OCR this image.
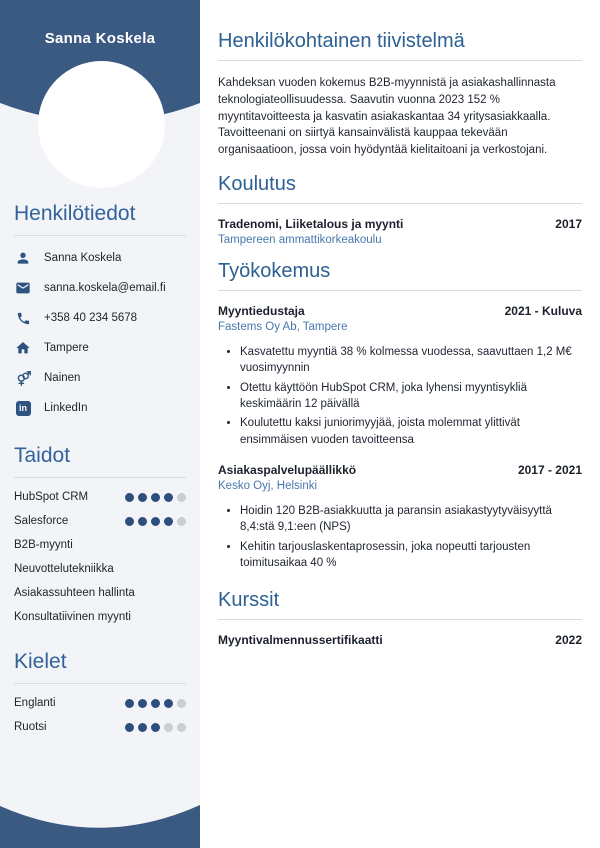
Sanna Koskela
Henkilötiedot
Sanna Koskela
sanna.koskela@email.fi
+358 40 234 5678
Tampere
Nainen
in	LinkedIn
Taidot
HubSpot CRM
Salesforce
B2B-myynti
Neuvottelutekniikka
Asiakassuhteen hallinta
Konsultatiivinen myynti
Kielet
Englanti
Ruotsi
Henkilökohtainen tiivistelmä

Kahdeksan vuoden kokemus B2B-myynnistä ja asiakashallinnasta teknologiateollisuudessa. Saavutin vuonna 2023 152 % myyntitavoitteesta ja kasvatin asiakaskantaa 34 yritysasiakkaalla. Tavoitteenani on siirtyä kansainvälistä kauppaa tekevään organisaatioon, jossa voin hyödyntää kielitaitoani ja verkostojani.

Koulutus
Tradenomi, Liiketalous ja myynti	2017
Tampereen ammattikorkeakoulu
Työkokemus
Myyntiedustaja	2021 - Kuluva
Fastems Oy Ab, Tampere
• Kasvatettu myyntiä 38 % kolmessa vuodessa, saavuttaen 1,2 M€ vuosimyynnin
• Otettu käyttöön HubSpot CRM, joka lyhensi myyntisykliä keskimäärin 12 päivällä
• Koulutettu kaksi juniorimyyjää, joista molemmat ylittivät ensimmäisen vuoden tavoitteensa
Asiakaspalvelupäällikkö	2017 - 2021
Kesko Oyj, Helsinki
• Hoidin 120 B2B-asiakkuutta ja paransin asiakastyytyväisyyttä 8,4:stä 9,1:een (NPS)
• Kehitin tarjouslaskentaprosessin, joka nopeutti tarjousten toimitusaikaa 40 %
Kurssit
Myyntivalmennussertifikaatti	2022
